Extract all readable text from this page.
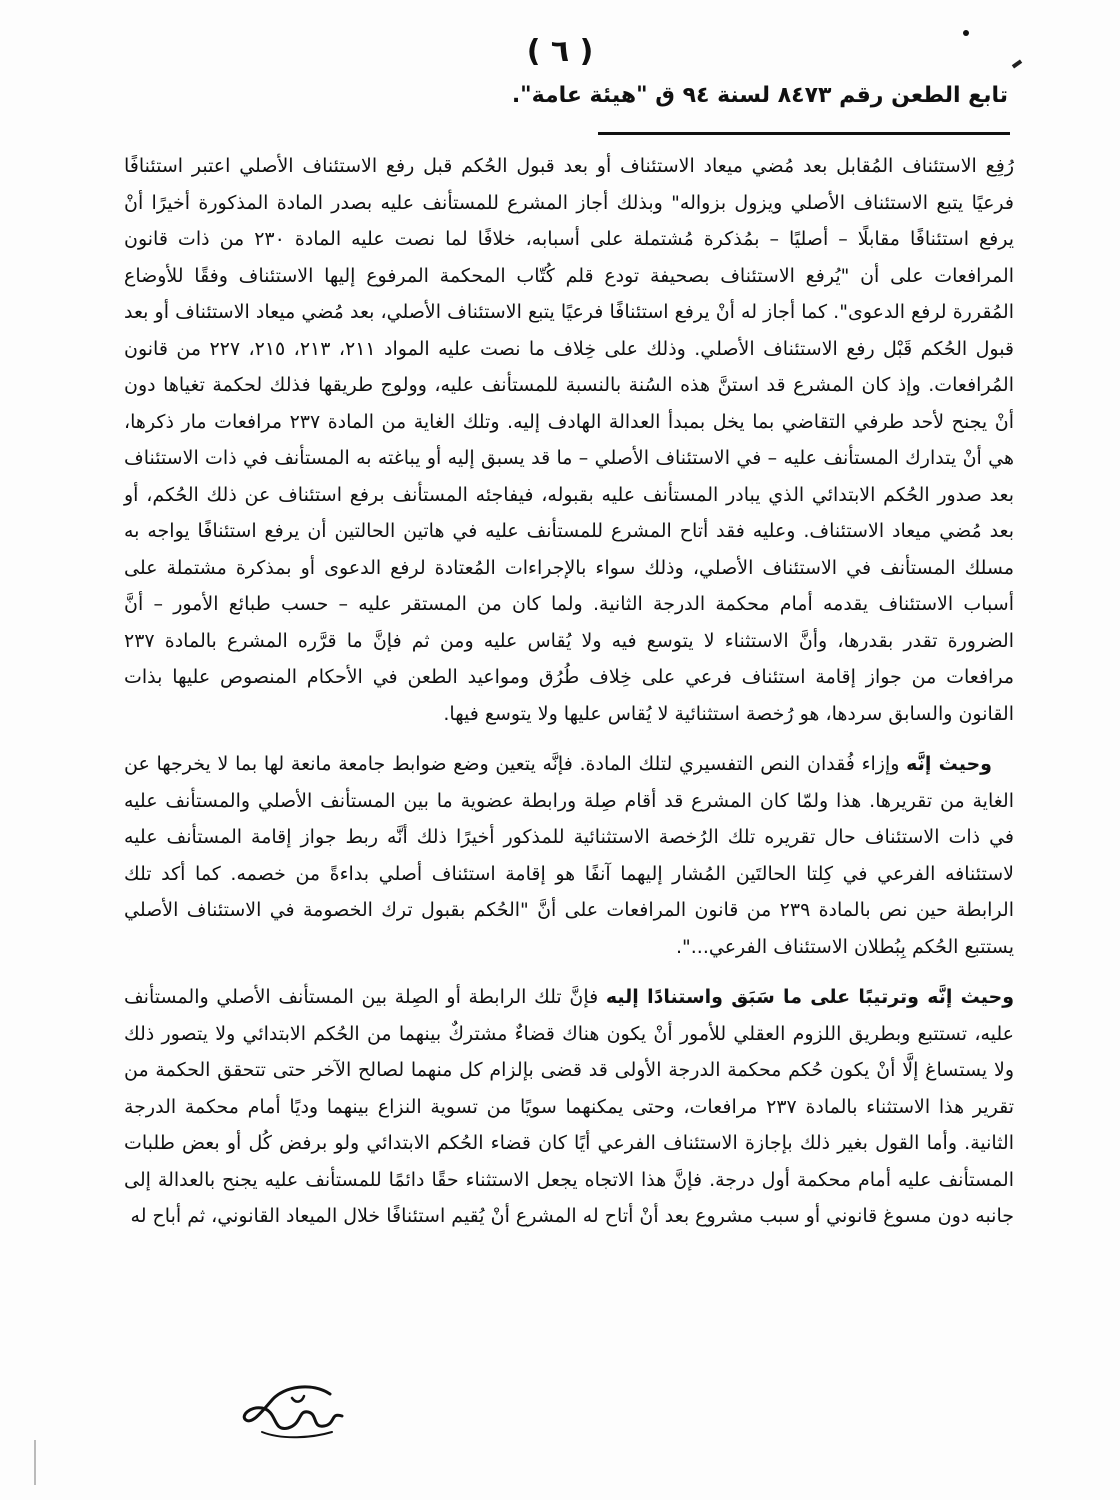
( ٦ )
تابع الطعن رقم ٨٤٧٣ لسنة ٩٤ ق "هيئة عامة".

رُفِع الاستئناف المُقابل بعد مُضي ميعاد الاستئناف أو بعد قبول الحُكم قبل رفع الاستئناف الأصلي اعتبر استئنافًا فرعيًا يتبع الاستئناف الأصلي ويزول بزواله" وبذلك أجاز المشرع للمستأنف عليه بصدر المادة المذكورة أخيرًا أنْ يرفع استئنافًا مقابلًا – أصليًا – بمُذكرة مُشتملة على أسبابه، خلافًا لما نصت عليه المادة ٢٣٠ من ذات قانون المرافعات على أن "يُرفع الاستئناف بصحيفة تودع قلم كُتّاب المحكمة المرفوع إليها الاستئناف وفقًا للأوضاع المُقررة لرفع الدعوى". كما أجاز له أنْ يرفع استئنافًا فرعيًا يتبع الاستئناف الأصلي، بعد مُضي ميعاد الاستئناف أو بعد قبول الحُكم قَبْل رفع الاستئناف الأصلي. وذلك على خِلاف ما نصت عليه المواد ٢١١، ٢١٣، ٢١٥، ٢٢٧ من قانون المُرافعات. وإذ كان المشرع قد استنَّ هذه السُنة بالنسبة للمستأنف عليه، وولوج طريقها فذلك لحكمة تغياها دون أنْ يجنح لأحد طرفي التقاضي بما يخل بمبدأ العدالة الهادف إليه. وتلك الغاية من المادة ٢٣٧ مرافعات مار ذكرها، هي أنْ يتدارك المستأنف عليه – في الاستئناف الأصلي – ما قد يسبق إليه أو يباغته به المستأنف في ذات الاستئناف بعد صدور الحُكم الابتدائي الذي يبادر المستأنف عليه بقبوله، فيفاجئه المستأنف برفع استئناف عن ذلك الحُكم، أو بعد مُضي ميعاد الاستئناف. وعليه فقد أتاح المشرع للمستأنف عليه في هاتين الحالتين أن يرفع استئنافًا يواجه به مسلك المستأنف في الاستئناف الأصلي، وذلك سواء بالإجراءات المُعتادة لرفع الدعوى أو بمذكرة مشتملة على أسباب الاستئناف يقدمه أمام محكمة الدرجة الثانية. ولما كان من المستقر عليه – حسب طبائع الأمور – أنَّ الضرورة تقدر بقدرها، وأنَّ الاستثناء لا يتوسع فيه ولا يُقاس عليه ومن ثم فإنَّ ما قرَّره المشرع بالمادة ٢٣٧ مرافعات من جواز إقامة استئناف فرعي على خِلاف طُرُق ومواعيد الطعن في الأحكام المنصوص عليها بذات القانون والسابق سردها، هو رُخصة استثنائية لا يُقاس عليها ولا يتوسع فيها.

وحيث إنَّه وإزاء فُقدان النص التفسيري لتلك المادة. فإنَّه يتعين وضع ضوابط جامعة مانعة لها بما لا يخرجها عن الغاية من تقريرها. هذا ولمّا كان المشرع قد أقام صِلة ورابطة عضوية ما بين المستأنف الأصلي والمستأنف عليه في ذات الاستئناف حال تقريره تلك الرُخصة الاستثنائية للمذكور أخيرًا ذلك أنَّه ربط جواز إقامة المستأنف عليه لاستئنافه الفرعي في كِلتا الحالتَين المُشار إليهما آنفًا هو إقامة استئناف أصلي بداءةً من خصمه. كما أكد تلك الرابطة حين نص بالمادة ٢٣٩ من قانون المرافعات على أنَّ "الحُكم بقبول ترك الخصومة في الاستئناف الأصلي يستتبع الحُكم بِبُطلان الاستئناف الفرعي...".

وحيث إنَّه وترتيبًا على ما سَبَق واستنادًا إليه فإنَّ تلك الرابطة أو الصِلة بين المستأنف الأصلي والمستأنف عليه، تستتبع وبطريق اللزوم العقلي للأمور أنْ يكون هناك قضاءٌ مشتركٌ بينهما من الحُكم الابتدائي ولا يتصور ذلك ولا يستساغ إلَّا أنْ يكون حُكم محكمة الدرجة الأولى قد قضى بإلزام كل منهما لصالح الآخر حتى تتحقق الحكمة من تقرير هذا الاستثناء بالمادة ٢٣٧ مرافعات، وحتى يمكنهما سويًا من تسوية النزاع بينهما وديًا أمام محكمة الدرجة الثانية. وأما القول بغير ذلك بإجازة الاستئناف الفرعي أيًا كان قضاء الحُكم الابتدائي ولو برفض كُل أو بعض طلبات المستأنف عليه أمام محكمة أول درجة. فإنَّ هذا الاتجاه يجعل الاستثناء حقًا دائمًا للمستأنف عليه يجنح بالعدالة إلى جانبه دون مسوغ قانوني أو سبب مشروع بعد أنْ أتاح له المشرع أنْ يُقيم استئنافًا خلال الميعاد القانوني، ثم أباح له
